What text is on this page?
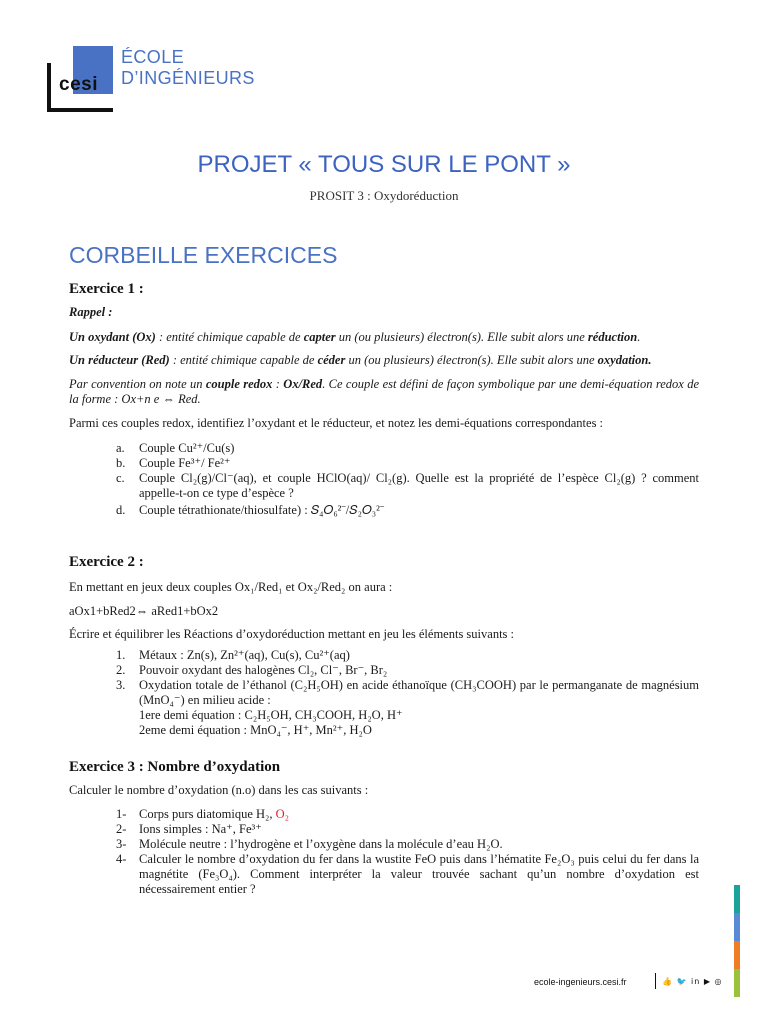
cesi
ÉCOLE
D’INGÉNIEURS
PROJET « TOUS SUR LE PONT »
PROSIT 3 : Oxydoréduction
CORBEILLE EXERCICES
Exercice 1 :
Rappel :
Un oxydant (Ox) : entité chimique capable de capter un (ou plusieurs) électron(s). Elle subit alors une réduction.
Un réducteur (Red) : entité chimique capable de céder un (ou plusieurs) électron(s). Elle subit alors une oxydation.
Par convention on note un couple redox : Ox/Red. Ce couple est défini de façon symbolique par une demi-équation redox de la forme : Ox+n e ⇔ Red.
Parmi ces couples redox, identifiez l’oxydant et le réducteur, et notez les demi-équations correspondantes :
a. Couple Cu²⁺/Cu(s)
b. Couple Fe³⁺/ Fe²⁺
c. Couple Cl₂(g)/Cl⁻(aq), et couple HClO(aq)/ Cl₂(g). Quelle est la propriété de l’espèce Cl₂(g) ? comment appelle-t-on ce type d’espèce ?
d. Couple tétrathionate/thiosulfate) : 𝑆₄𝑂₆²⁻/𝑆₂𝑂₃²⁻
Exercice 2 :
En mettant en jeux deux couples Ox₁/Red₁ et Ox₂/Red₂ on aura :
aOx1+bRed2⇔ aRed1+bOx2
Écrire et équilibrer les Réactions d’oxydoréduction mettant en jeu les éléments suivants :
1. Métaux : Zn(s), Zn²⁺(aq), Cu(s), Cu²⁺(aq)
2. Pouvoir oxydant des halogènes Cl₂, Cl⁻, Br⁻, Br₂
3. Oxydation totale de l’éthanol (C₂H₅OH) en acide éthanoïque (CH₃COOH) par le permanganate de magnésium (MnO₄⁻) en milieu acide :
1ere demi équation : C₂H₅OH, CH₃COOH, H₂O, H⁺
2eme demi équation : MnO₄⁻, H⁺, Mn²⁺, H₂O
Exercice 3 : Nombre d’oxydation
Calculer le nombre d’oxydation (n.o) dans les cas suivants :
1- Corps purs diatomique H₂, O₂
2- Ions simples : Na⁺, Fe³⁺
3- Molécule neutre : l’hydrogène et l’oxygène dans la molécule d’eau H₂O.
4- Calculer le nombre d’oxydation du fer dans la wustite FeO puis dans l’hématite Fe₂O₃ puis celui du fer dans la magnétite (Fe₃O₄). Comment interpréter la valeur trouvée sachant qu’un nombre d’oxydation est nécessairement entier ?
ecole-ingenieurs.cesi.fr	👍 🐦 in ▶ ◎
